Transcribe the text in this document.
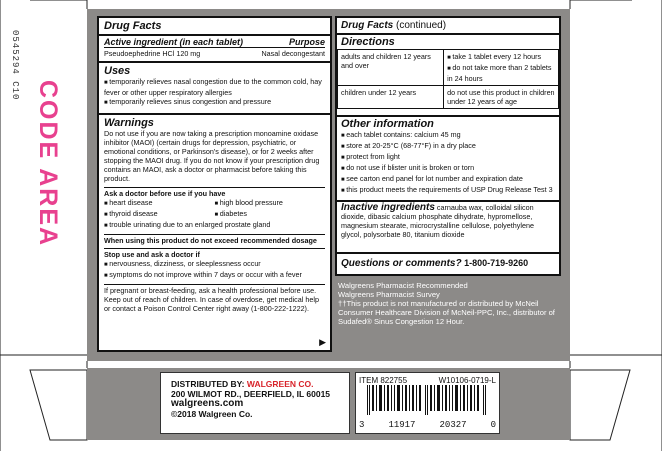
0545294 C10
CODE AREA
Drug Facts
Active ingredient (in each tablet)	Purpose
Pseudoephedrine HCl 120 mg	Nasal decongestant
Uses
■ temporarily relieves nasal congestion due to the common cold, hay fever or other upper respiratory allergies
■ temporarily relieves sinus congestion and pressure
Warnings
Do not use if you are now taking a prescription monoamine oxidase inhibitor (MAOI) (certain drugs for depression, psychiatric, or emotional conditions, or Parkinson's disease), or for 2 weeks after stopping the MAOI drug. If you do not know if your prescription drug contains an MAOI, ask a doctor or pharmacist before taking this product.
Ask a doctor before use if you have
■ heart disease	■ high blood pressure
■ thyroid disease	■ diabetes
■ trouble urinating due to an enlarged prostate gland
When using this product do not exceed recommended dosage
Stop use and ask a doctor if
■ nervousness, dizziness, or sleeplessness occur
■ symptoms do not improve within 7 days or occur with a fever
If pregnant or breast-feeding, ask a health professional before use.
Keep out of reach of children. In case of overdose, get medical help or contact a Poison Control Center right away (1-800-222-1222).
▶
Drug Facts (continued)
Directions
adults and children 12 years and over	■ take 1 tablet every 12 hours
■ do not take more than 2 tablets in 24 hours

children under 12 years	do not use this product in children under 12 years of age
Other information
■ each tablet contains: calcium 45 mg
■ store at 20-25°C (68-77°F) in a dry place
■ protect from light
■ do not use if blister unit is broken or torn
■ see carton end panel for lot number and expiration date
■ this product meets the requirements of USP Drug Release Test 3
Inactive ingredients carnauba wax, colloidal silicon dioxide, dibasic calcium phosphate dihydrate, hypromellose, magnesium stearate, microcrystalline cellulose, polyethylene glycol, polysorbate 80, titanium dioxide
Questions or comments? 1-800-719-9260
Walgreens Pharmacist Recommended
Walgreens Pharmacist Survey
††This product is not manufactured or distributed by McNeil Consumer Healthcare Division of McNeil-PPC, Inc., distributor of Sudafed® Sinus Congestion 12 Hour.
DISTRIBUTED BY: WALGREEN CO.
200 WILMOT RD., DEERFIELD, IL 60015
walgreens.com
©2018 Walgreen Co.
ITEM 822755	W10106-0719-L
3	11917	20327	0
